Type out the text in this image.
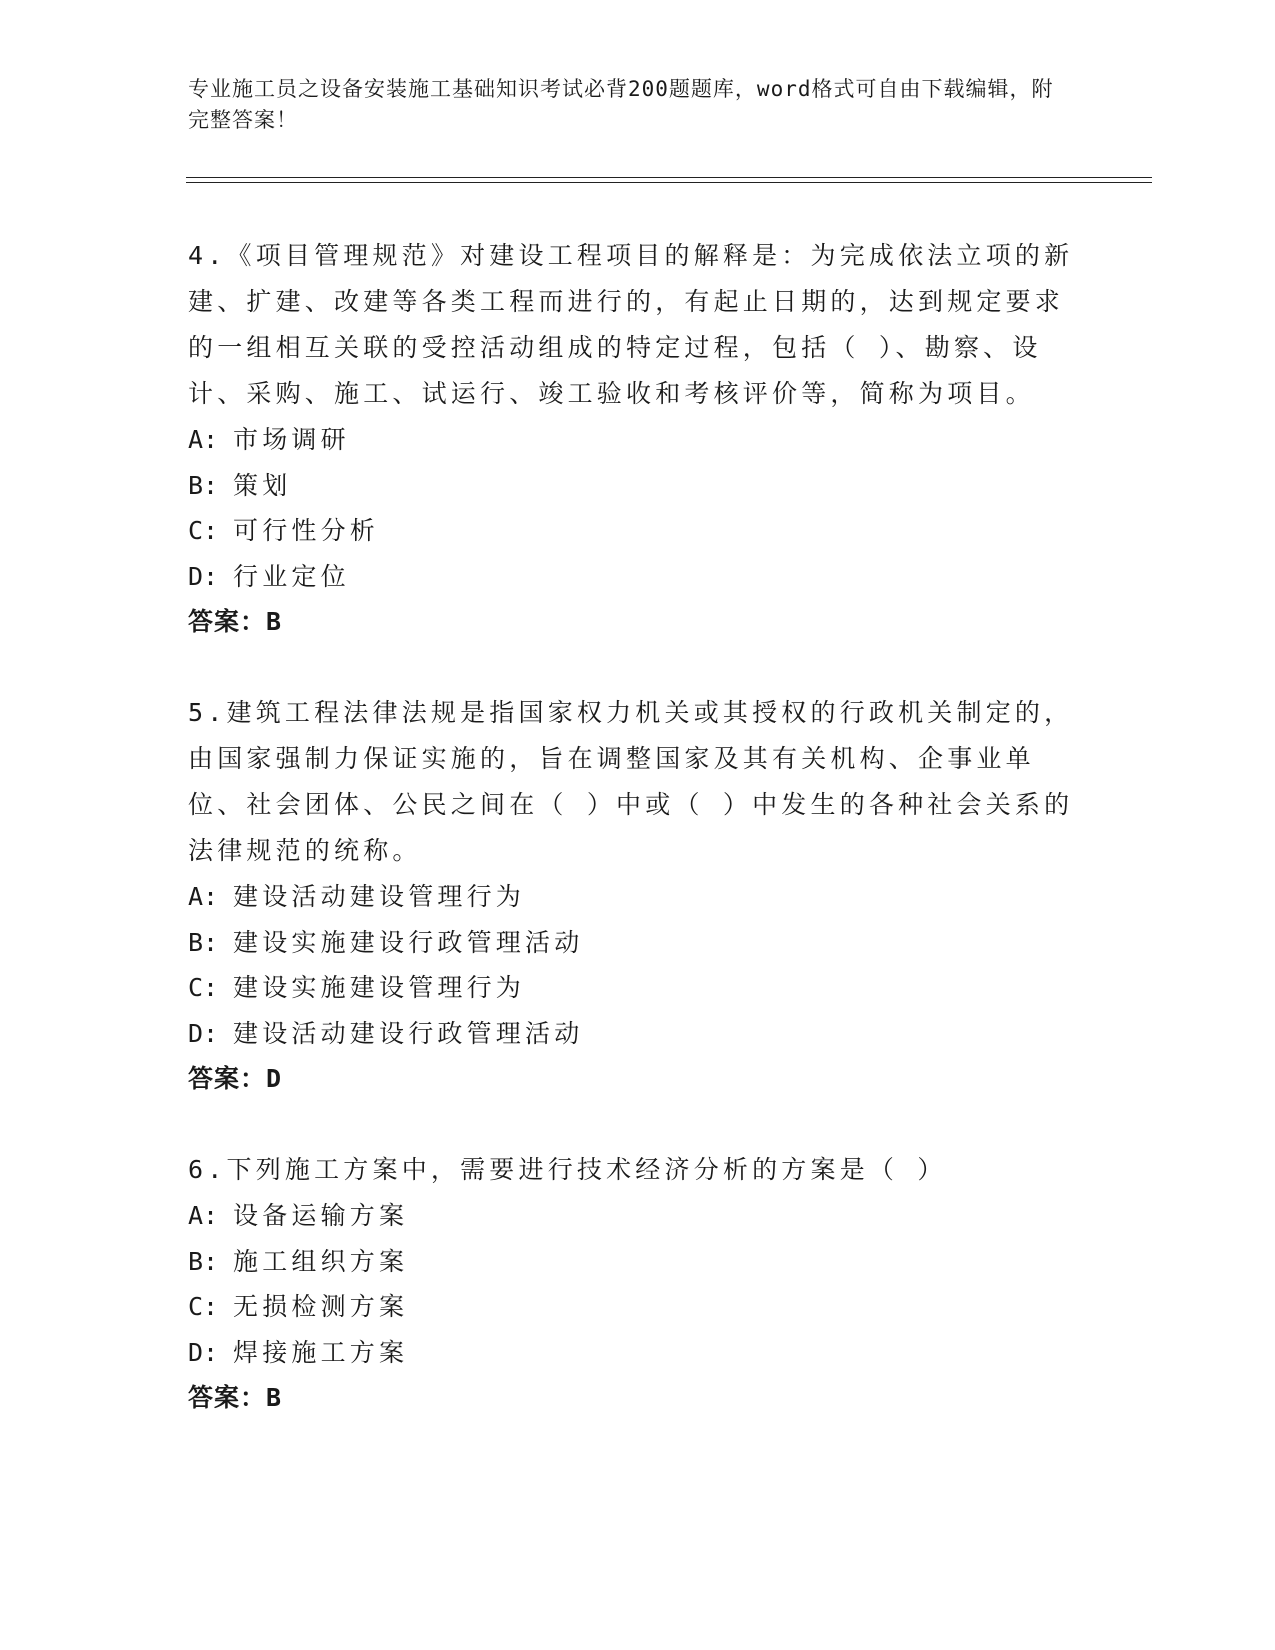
专业施工员之设备安装施工基础知识考试必背200题题库，word格式可自由下载编辑，附完整答案！

4.《项目管理规范》对建设工程项目的解释是：为完成依法立项的新建、扩建、改建等各类工程而进行的，有起止日期的，达到规定要求的一组相互关联的受控活动组成的特定过程，包括（ ）、勘察、设计、采购、施工、试运行、竣工验收和考核评价等，简称为项目。

A: 市场调研

B: 策划

C: 可行性分析

D: 行业定位

答案：B

5.建筑工程法律法规是指国家权力机关或其授权的行政机关制定的，由国家强制力保证实施的，旨在调整国家及其有关机构、企事业单位、社会团体、公民之间在（ ）中或（ ）中发生的各种社会关系的法律规范的统称。

A: 建设活动建设管理行为

B: 建设实施建设行政管理活动

C: 建设实施建设管理行为

D: 建设活动建设行政管理活动

答案：D

6.下列施工方案中，需要进行技术经济分析的方案是（ ）

A: 设备运输方案

B: 施工组织方案

C: 无损检测方案

D: 焊接施工方案

答案：B
